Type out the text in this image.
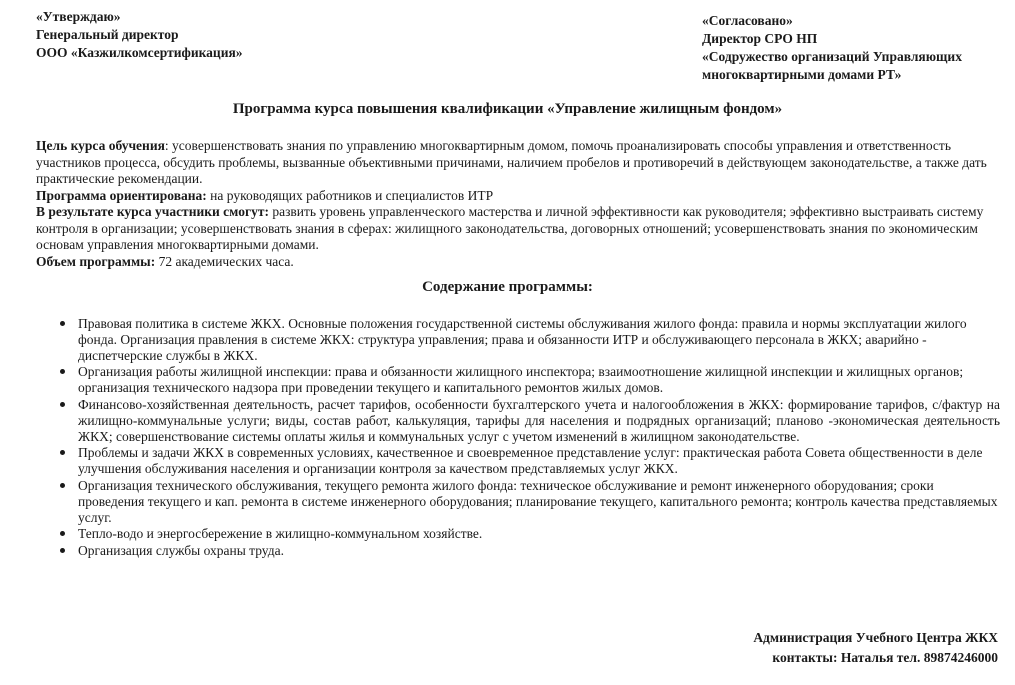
«Утверждаю»
Генеральный директор
ООО «Казжилкомсертификация»
«Согласовано»
Директор СРО НП
«Содружество организаций Управляющих
многоквартирными домами РТ»
Программа курса повышения квалификации «Управление жилищным фондом»

Цель курса обучения: усовершенствовать знания по управлению многоквартирным домом, помочь проанализировать способы управления и ответственность участников процесса, обсудить проблемы, вызванные объективными причинами, наличием пробелов и противоречий в действующем законодательстве, а также дать практические рекомендации.

Программа ориентирована: на руководящих работников и специалистов ИТР

В результате курса участники смогут: развить уровень управленческого мастерства и личной эффективности как руководителя; эффективно выстраивать систему контроля в организации; усовершенствовать знания в сферах: жилищного законодательства, договорных отношений; усовершенствовать знания по экономическим основам управления многоквартирными домами.

Объем программы: 72 академических часа.

Содержание программы:
Правовая политика в системе ЖКХ. Основные положения государственной системы обслуживания жилого фонда: правила и нормы эксплуатации жилого фонда. Организация правления в системе ЖКХ: структура управления; права и обязанности ИТР и обслуживающего персонала в ЖКХ; аварийно - диспетчерские службы в ЖКХ.
Организация работы жилищной инспекции: права и обязанности жилищного инспектора; взаимоотношение жилищной инспекции и жилищных органов; организация технического надзора при проведении текущего и капитального ремонтов жилых домов.
Финансово-хозяйственная деятельность, расчет тарифов, особенности бухгалтерского учета и налогообложения в ЖКХ: формирование тарифов, с/фактур на жилищно-коммунальные услуги; виды, состав работ, калькуляция, тарифы для населения и подрядных организаций; планово -экономическая деятельность ЖКХ; совершенствование системы оплаты жилья и коммунальных услуг с учетом изменений в жилищном законодательстве.
Проблемы и задачи ЖКХ в современных условиях, качественное и своевременное представление услуг: практическая работа Совета общественности в деле улучшения обслуживания населения и организации контроля за качеством представляемых услуг ЖКХ.
Организация технического обслуживания, текущего ремонта жилого фонда: техническое обслуживание и ремонт инженерного оборудования; сроки проведения текущего и кап. ремонта в системе инженерного оборудования; планирование текущего, капитального ремонта; контроль качества представляемых услуг.
Тепло-водо и энергосбережение в жилищно-коммунальном хозяйстве.
Организация службы охраны труда.
Администрация Учебного Центра ЖКХ
контакты: Наталья тел. 89874246000
